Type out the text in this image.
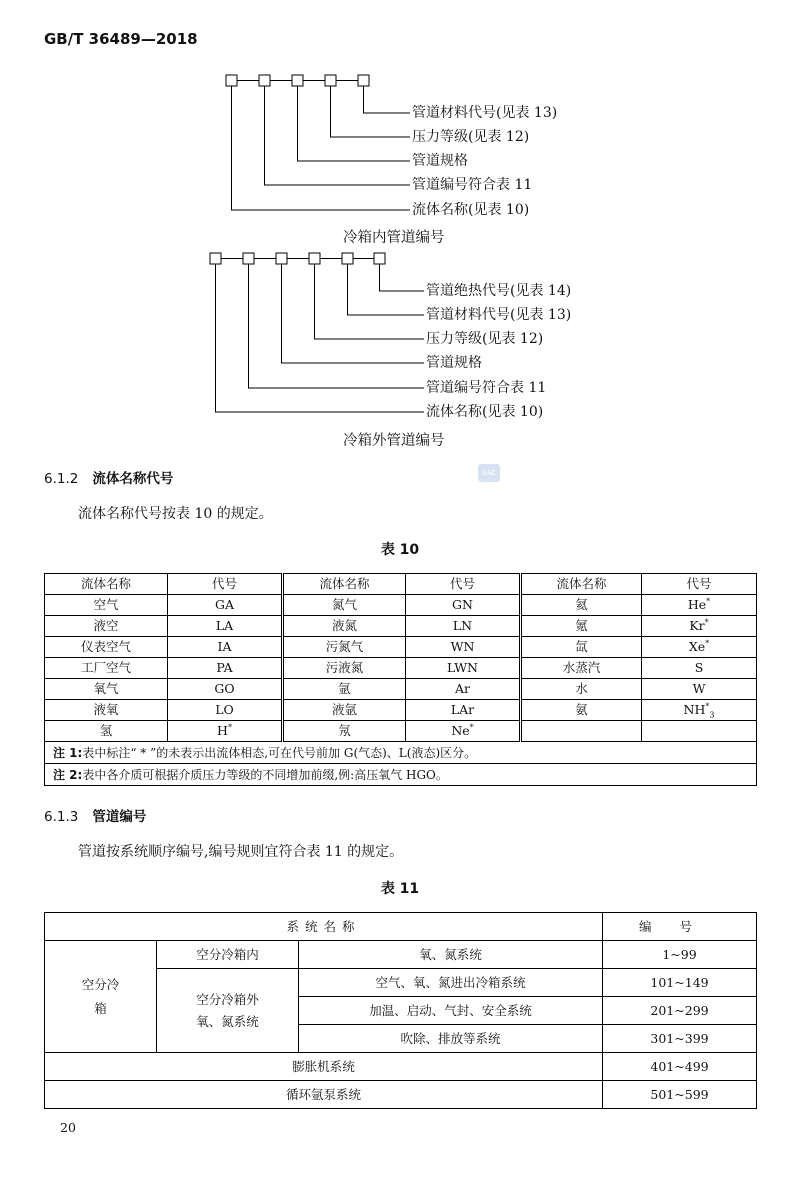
GB/T 36489—2018
管道材料代号(见表 13)
压力等级(见表 12)
管道规格
管道编号符合表 11
流体名称(见表 10)
冷箱内管道编号
管道绝热代号(见表 14)
管道材料代号(见表 13)
压力等级(见表 12)
管道规格
管道编号符合表 11
流体名称(见表 10)
冷箱外管道编号
SAC
6.1.2 流体名称代号
流体名称代号按表 10 的规定。
表 10
流体名称	代号	流体名称	代号	流体名称	代号
空气	GA	氮气	GN	氦	He*
液空	LA	液氮	LN	氪	Kr*
仪表空气	IA	污氮气	WN	氙	Xe*
工厂空气	PA	污液氮	LWN	水蒸汽	S
氧气	GO	氩	Ar	水	W
液氧	LO	液氩	LAr	氨	$NH^*_3$
氢	H*	氖	Ne*		
注 1:表中标注“ * ”的未表示出流体相态,可在代号前加 G(气态)、L(液态)区分。					
注 2:表中各介质可根据介质压力等级的不同增加前缀,例:高压氧气 HGO。					
6.1.3 管道编号
管道按系统顺序编号,编号规则宜符合表 11 的规定。
表 11
系统名称			编号
空分冷箱	空分冷箱内	氧、氮系统	1~99
	空分冷箱外氧、氮系统	空气、氧、氮进出冷箱系统	101~149
		加温、启动、气封、安全系统	201~299
		吹除、排放等系统	301~399
膨胀机系统			401~499
循环氩泵系统			501~599
20
